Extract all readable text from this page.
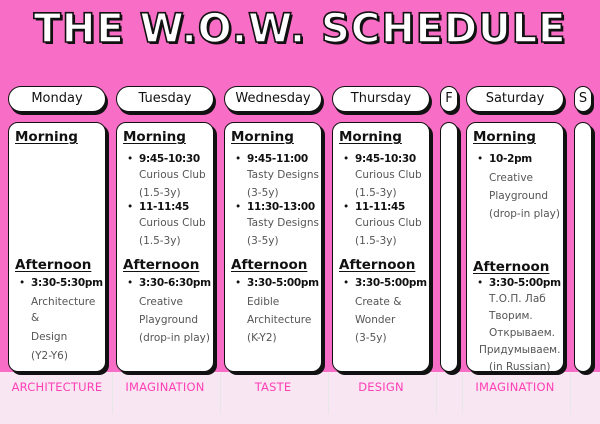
THE W.O.W. SCHEDULE
Monday	Tuesday	Wednesday	Thursday	F	Saturday	S
Morning
Afternoon
• 3:30-5:30pm
Architecture &
Design
(Y2-Y6)
Morning
• 9:45-10:30
Curious Club
(1.5-3y)
• 11-11:45
Curious Club
(1.5-3y)
Afternoon
• 3:30-6:30pm
Creative
Playground
(drop-in play)
Morning
• 9:45-11:00
Tasty Designs
(3-5y)
• 11:30-13:00
Tasty Designs
(3-5y)
Afternoon
• 3:30-5:00pm
Edible
Architecture
(K-Y2)
Morning
• 9:45-10:30
Curious Club
(1.5-3y)
• 11-11:45
Curious Club
(1.5-3y)
Afternoon
• 3:30-5:00pm
Create &
Wonder
(3-5y)
Morning
• 10-2pm
Creative
Playground
(drop-in play)
Afternoon
• 3:30-5:00pm
Т.О.П. Лаб
Творим.
Открываем.
Придумываем.
(in Russian)
ARCHITECTURE	IMAGINATION	TASTE	DESIGN	IMAGINATION
